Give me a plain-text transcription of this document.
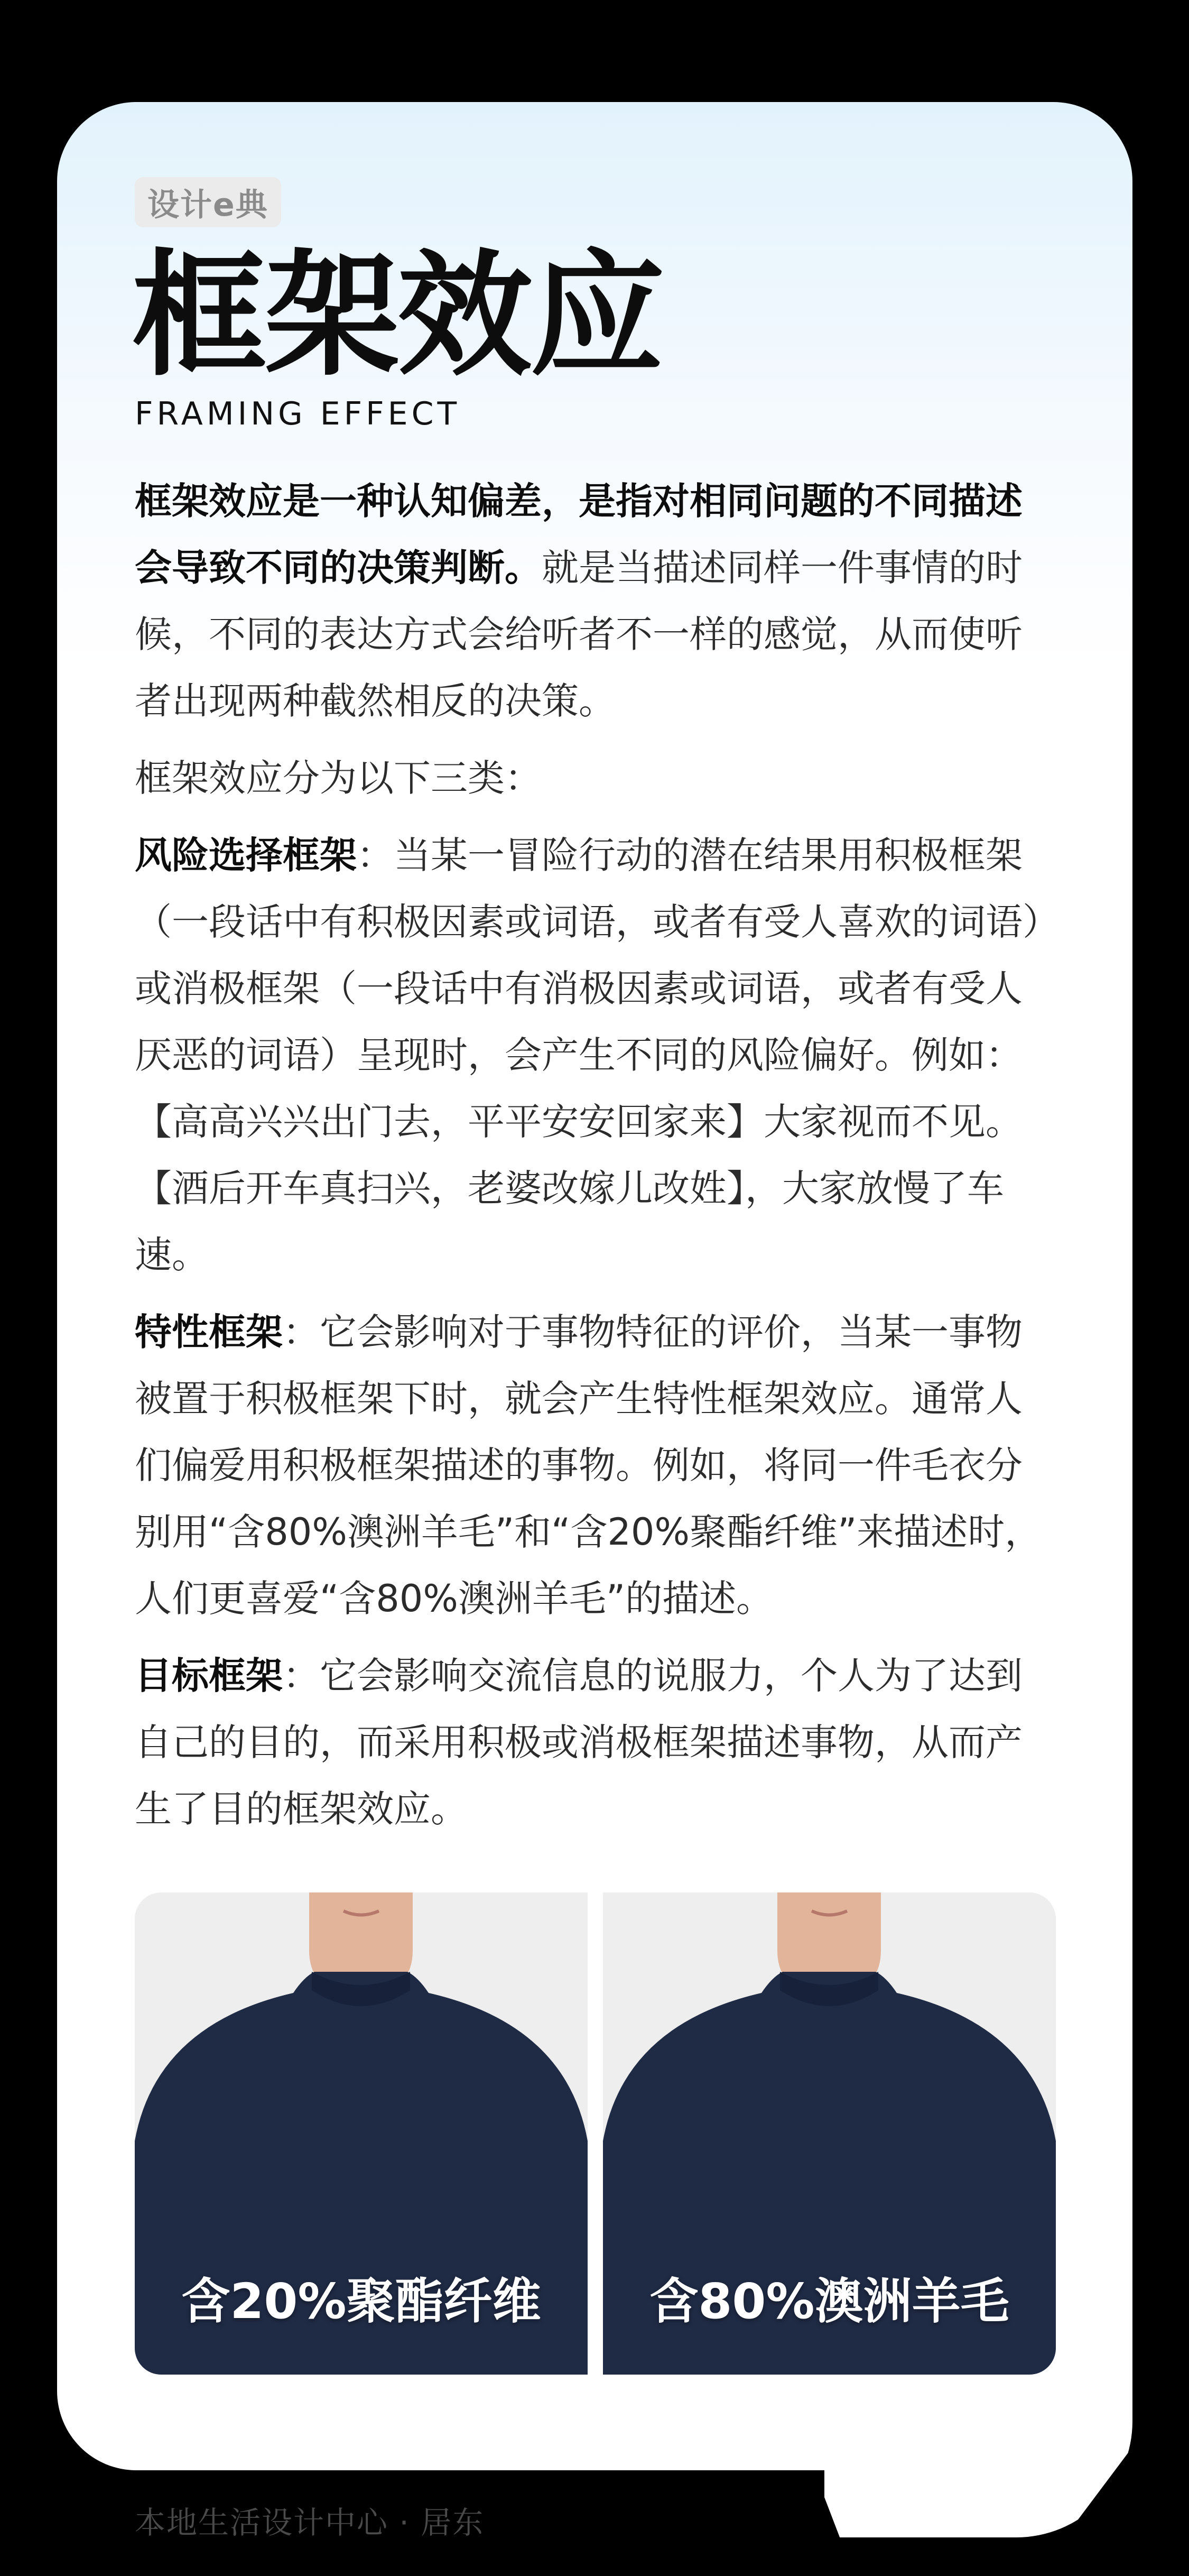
设计e典
框架效应
FRAMING EFFECT

框架效应是一种认知偏差，是指对相同问题的不同描述会导致不同的决策判断。就是当描述同样一件事情的时候，不同的表达方式会给听者不一样的感觉，从而使听者出现两种截然相反的决策。

框架效应分为以下三类：

风险选择框架：当某一冒险行动的潜在结果用积极框架（一段话中有积极因素或词语，或者有受人喜欢的词语）或消极框架（一段话中有消极因素或词语，或者有受人厌恶的词语）呈现时，会产生不同的风险偏好。例如：【高高兴兴出门去，平平安安回家来】大家视而不见。【酒后开车真扫兴，老婆改嫁儿改姓】，大家放慢了车速。

特性框架：它会影响对于事物特征的评价，当某一事物被置于积极框架下时，就会产生特性框架效应。通常人们偏爱用积极框架描述的事物。例如，将同一件毛衣分别用“含80%澳洲羊毛”和“含20%聚酯纤维”来描述时，人们更喜爱“含80%澳洲羊毛”的描述。

目标框架：它会影响交流信息的说服力，个人为了达到自己的目的，而采用积极或消极框架描述事物，从而产生了目的框架效应。

含20%聚酯纤维	含80%澳洲羊毛
本地生活设计中心 · 居东
